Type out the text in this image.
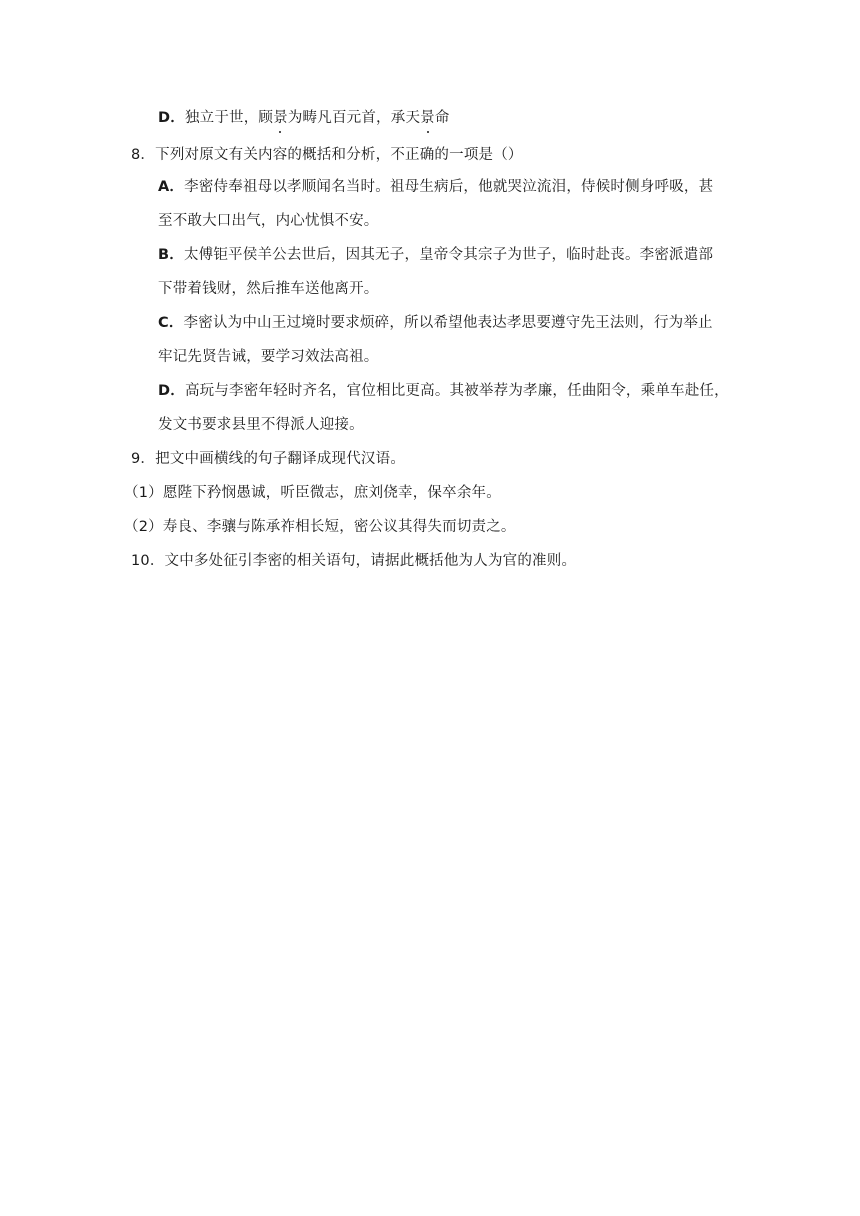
D．独立于世，顾景为畴凡百元首，承天景命
8．下列对原文有关内容的概括和分析，不正确的一项是（）
A．李密侍奉祖母以孝顺闻名当时。祖母生病后，他就哭泣流泪，侍候时侧身呼吸，甚
至不敢大口出气，内心忧惧不安。
B．太傅钜平侯羊公去世后，因其无子，皇帝令其宗子为世子，临时赴丧。李密派遣部
下带着钱财，然后推车送他离开。
C．李密认为中山王过境时要求烦碎，所以希望他表达孝思要遵守先王法则，行为举止
牢记先贤告诫，要学习效法高祖。
D．高玩与李密年轻时齐名，官位相比更高。其被举荐为孝廉，任曲阳令，乘单车赴任，
发文书要求县里不得派人迎接。
9．把文中画横线的句子翻译成现代汉语。
（1）愿陛下矜悯愚诚，听臣微志，庶刘侥幸，保卒余年。
（2）寿良、李骧与陈承祚相长短，密公议其得失而切责之。
10．文中多处征引李密的相关语句，请据此概括他为人为官的准则。
